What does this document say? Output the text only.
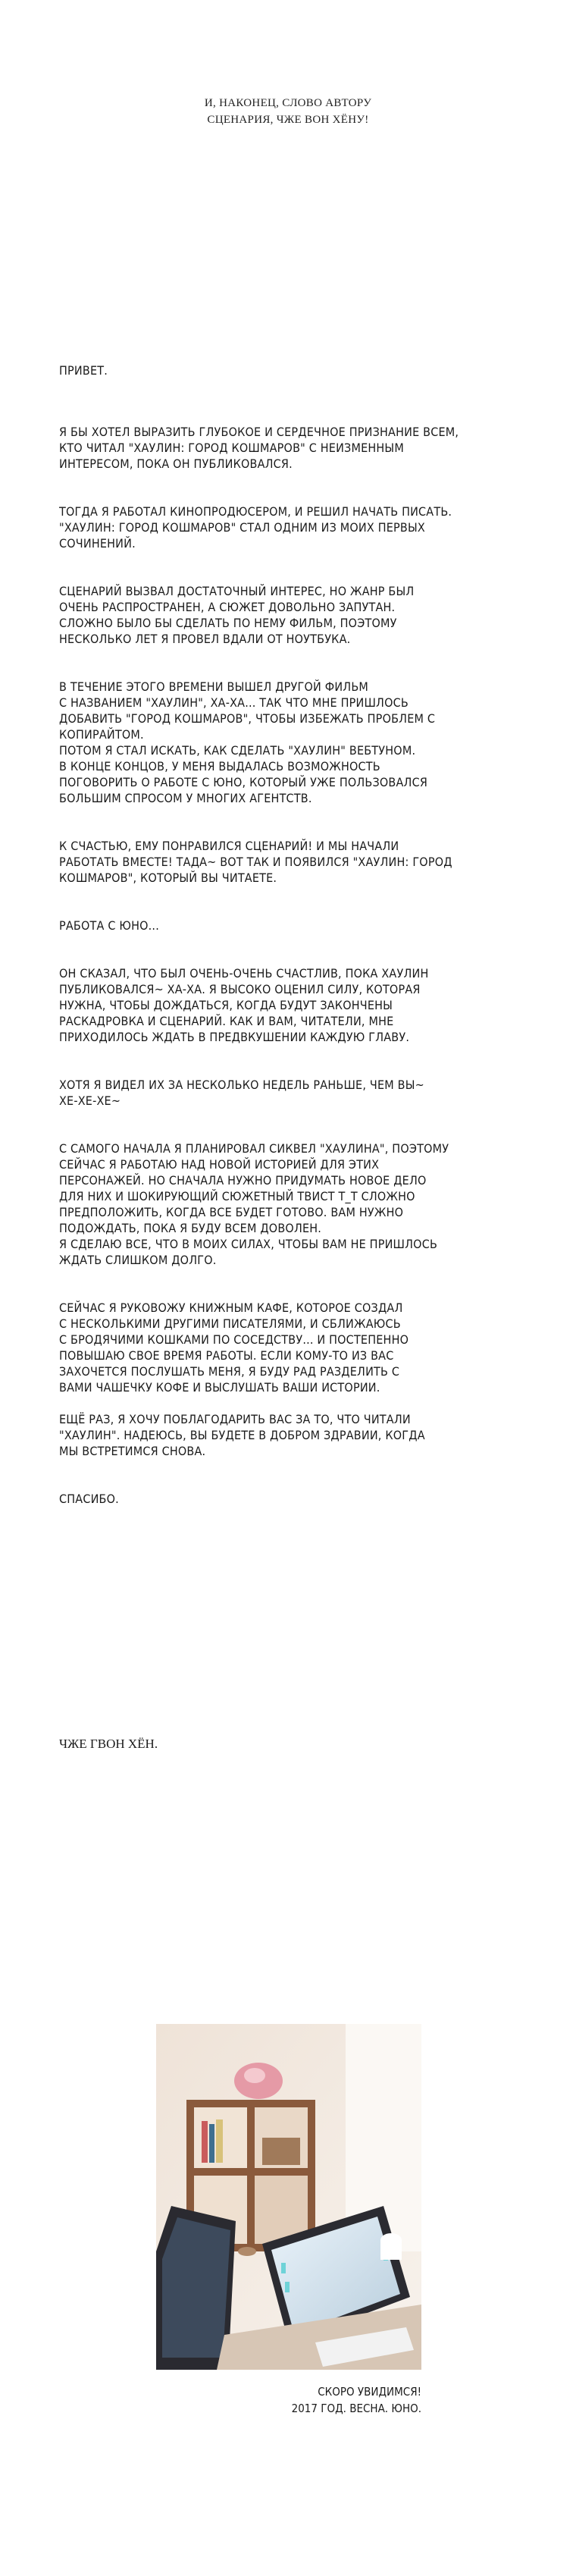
И, НАКОНЕЦ, СЛОВО АВТОРУ
СЦЕНАРИЯ, ЧЖЕ ВОН ХЁНУ!
ПРИВЕТ.
Я БЫ ХОТЕЛ ВЫРАЗИТЬ ГЛУБОКОЕ И СЕРДЕЧНОЕ ПРИЗНАНИЕ ВСЕМ,
КТО ЧИТАЛ "ХАУЛИН: ГОРОД КОШМАРОВ" С НЕИЗМЕННЫМ
ИНТЕРЕСОМ, ПОКА ОН ПУБЛИКОВАЛСЯ.
ТОГДА Я РАБОТАЛ КИНОПРОДЮСЕРОМ, И РЕШИЛ НАЧАТЬ ПИСАТЬ.
"ХАУЛИН: ГОРОД КОШМАРОВ" СТАЛ ОДНИМ ИЗ МОИХ ПЕРВЫХ
СОЧИНЕНИЙ.
СЦЕНАРИЙ ВЫЗВАЛ ДОСТАТОЧНЫЙ ИНТЕРЕС, НО ЖАНР БЫЛ
ОЧЕНЬ РАСПРОСТРАНЕН, А СЮЖЕТ ДОВОЛЬНО ЗАПУТАН.
СЛОЖНО БЫЛО БЫ СДЕЛАТЬ ПО НЕМУ ФИЛЬМ, ПОЭТОМУ
НЕСКОЛЬКО ЛЕТ Я ПРОВЕЛ ВДАЛИ ОТ НОУТБУКА.
В ТЕЧЕНИЕ ЭТОГО ВРЕМЕНИ ВЫШЕЛ ДРУГОЙ ФИЛЬМ
С НАЗВАНИЕМ "ХАУЛИН", ХА-ХА... ТАК ЧТО МНЕ ПРИШЛОСЬ
ДОБАВИТЬ "ГОРОД КОШМАРОВ", ЧТОБЫ ИЗБЕЖАТЬ ПРОБЛЕМ С
КОПИРАЙТОМ.
ПОТОМ Я СТАЛ ИСКАТЬ, КАК СДЕЛАТЬ "ХАУЛИН" ВЕБТУНОМ.
В КОНЦЕ КОНЦОВ, У МЕНЯ ВЫДАЛАСЬ ВОЗМОЖНОСТЬ
ПОГОВОРИТЬ О РАБОТЕ С ЮНО, КОТОРЫЙ УЖЕ ПОЛЬЗОВАЛСЯ
БОЛЬШИМ СПРОСОМ У МНОГИХ АГЕНТСТВ.
К СЧАСТЬЮ, ЕМУ ПОНРАВИЛСЯ СЦЕНАРИЙ! И МЫ НАЧАЛИ
РАБОТАТЬ ВМЕСТЕ! ТАДА~ ВОТ ТАК И ПОЯВИЛСЯ "ХАУЛИН: ГОРОД
КОШМАРОВ", КОТОРЫЙ ВЫ ЧИТАЕТЕ.
РАБОТА С ЮНО...
ОН СКАЗАЛ, ЧТО БЫЛ ОЧЕНЬ-ОЧЕНЬ СЧАСТЛИВ, ПОКА ХАУЛИН
ПУБЛИКОВАЛСЯ~ ХА-ХА. Я ВЫСОКО ОЦЕНИЛ СИЛУ, КОТОРАЯ
НУЖНА, ЧТОБЫ ДОЖДАТЬСЯ, КОГДА БУДУТ ЗАКОНЧЕНЫ
РАСКАДРОВКА И СЦЕНАРИЙ. КАК И ВАМ, ЧИТАТЕЛИ, МНЕ
ПРИХОДИЛОСЬ ЖДАТЬ В ПРЕДВКУШЕНИИ КАЖДУЮ ГЛАВУ.
ХОТЯ Я ВИДЕЛ ИХ ЗА НЕСКОЛЬКО НЕДЕЛЬ РАНЬШЕ, ЧЕМ ВЫ~
ХЕ-ХЕ-ХЕ~
С САМОГО НАЧАЛА Я ПЛАНИРОВАЛ СИКВЕЛ "ХАУЛИНА", ПОЭТОМУ
СЕЙЧАС Я РАБОТАЮ НАД НОВОЙ ИСТОРИЕЙ ДЛЯ ЭТИХ
ПЕРСОНАЖЕЙ. НО СНАЧАЛА НУЖНО ПРИДУМАТЬ НОВОЕ ДЕЛО
ДЛЯ НИХ И ШОКИРУЮЩИЙ СЮЖЕТНЫЙ ТВИСТ Т_Т СЛОЖНО
ПРЕДПОЛОЖИТЬ, КОГДА ВСЕ БУДЕТ ГОТОВО. ВАМ НУЖНО
ПОДОЖДАТЬ, ПОКА Я БУДУ ВСЕМ ДОВОЛЕН.
Я СДЕЛАЮ ВСЕ, ЧТО В МОИХ СИЛАХ, ЧТОБЫ ВАМ НЕ ПРИШЛОСЬ
ЖДАТЬ СЛИШКОМ ДОЛГО.
СЕЙЧАС Я РУКОВОЖУ КНИЖНЫМ КАФЕ, КОТОРОЕ СОЗДАЛ
С НЕСКОЛЬКИМИ ДРУГИМИ ПИСАТЕЛЯМИ, И СБЛИЖАЮСЬ
С БРОДЯЧИМИ КОШКАМИ ПО СОСЕДСТВУ... И ПОСТЕПЕННО
ПОВЫШАЮ СВОЕ ВРЕМЯ РАБОТЫ. ЕСЛИ КОМУ-ТО ИЗ ВАС
ЗАХОЧЕТСЯ ПОСЛУШАТЬ МЕНЯ, Я БУДУ РАД РАЗДЕЛИТЬ С
ВАМИ ЧАШЕЧКУ КОФЕ И ВЫСЛУШАТЬ ВАШИ ИСТОРИИ.
ЕЩЁ РАЗ, Я ХОЧУ ПОБЛАГОДАРИТЬ ВАС ЗА ТО, ЧТО ЧИТАЛИ
"ХАУЛИН". НАДЕЮСЬ, ВЫ БУДЕТЕ В ДОБРОМ ЗДРАВИИ, КОГДА
МЫ ВСТРЕТИМСЯ СНОВА.
СПАСИБО.
ЧЖЕ ГВОН ХЁН.
СКОРО УВИДИМСЯ!
2017 ГОД. ВЕСНА. ЮНО.
